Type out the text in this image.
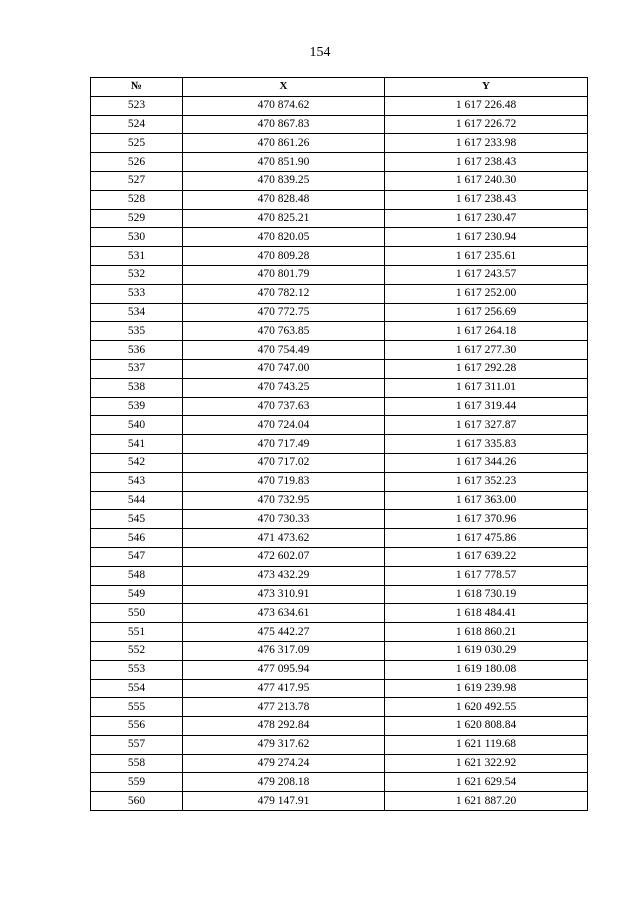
154
№	X	Y
523	470 874.62	1 617 226.48
524	470 867.83	1 617 226.72
525	470 861.26	1 617 233.98
526	470 851.90	1 617 238.43
527	470 839.25	1 617 240.30
528	470 828.48	1 617 238.43
529	470 825.21	1 617 230.47
530	470 820.05	1 617 230.94
531	470 809.28	1 617 235.61
532	470 801.79	1 617 243.57
533	470 782.12	1 617 252.00
534	470 772.75	1 617 256.69
535	470 763.85	1 617 264.18
536	470 754.49	1 617 277.30
537	470 747.00	1 617 292.28
538	470 743.25	1 617 311.01
539	470 737.63	1 617 319.44
540	470 724.04	1 617 327.87
541	470 717.49	1 617 335.83
542	470 717.02	1 617 344.26
543	470 719.83	1 617 352.23
544	470 732.95	1 617 363.00
545	470 730.33	1 617 370.96
546	471 473.62	1 617 475.86
547	472 602.07	1 617 639.22
548	473 432.29	1 617 778.57
549	473 310.91	1 618 730.19
550	473 634.61	1 618 484.41
551	475 442.27	1 618 860.21
552	476 317.09	1 619 030.29
553	477 095.94	1 619 180.08
554	477 417.95	1 619 239.98
555	477 213.78	1 620 492.55
556	478 292.84	1 620 808.84
557	479 317.62	1 621 119.68
558	479 274.24	1 621 322.92
559	479 208.18	1 621 629.54
560	479 147.91	1 621 887.20
